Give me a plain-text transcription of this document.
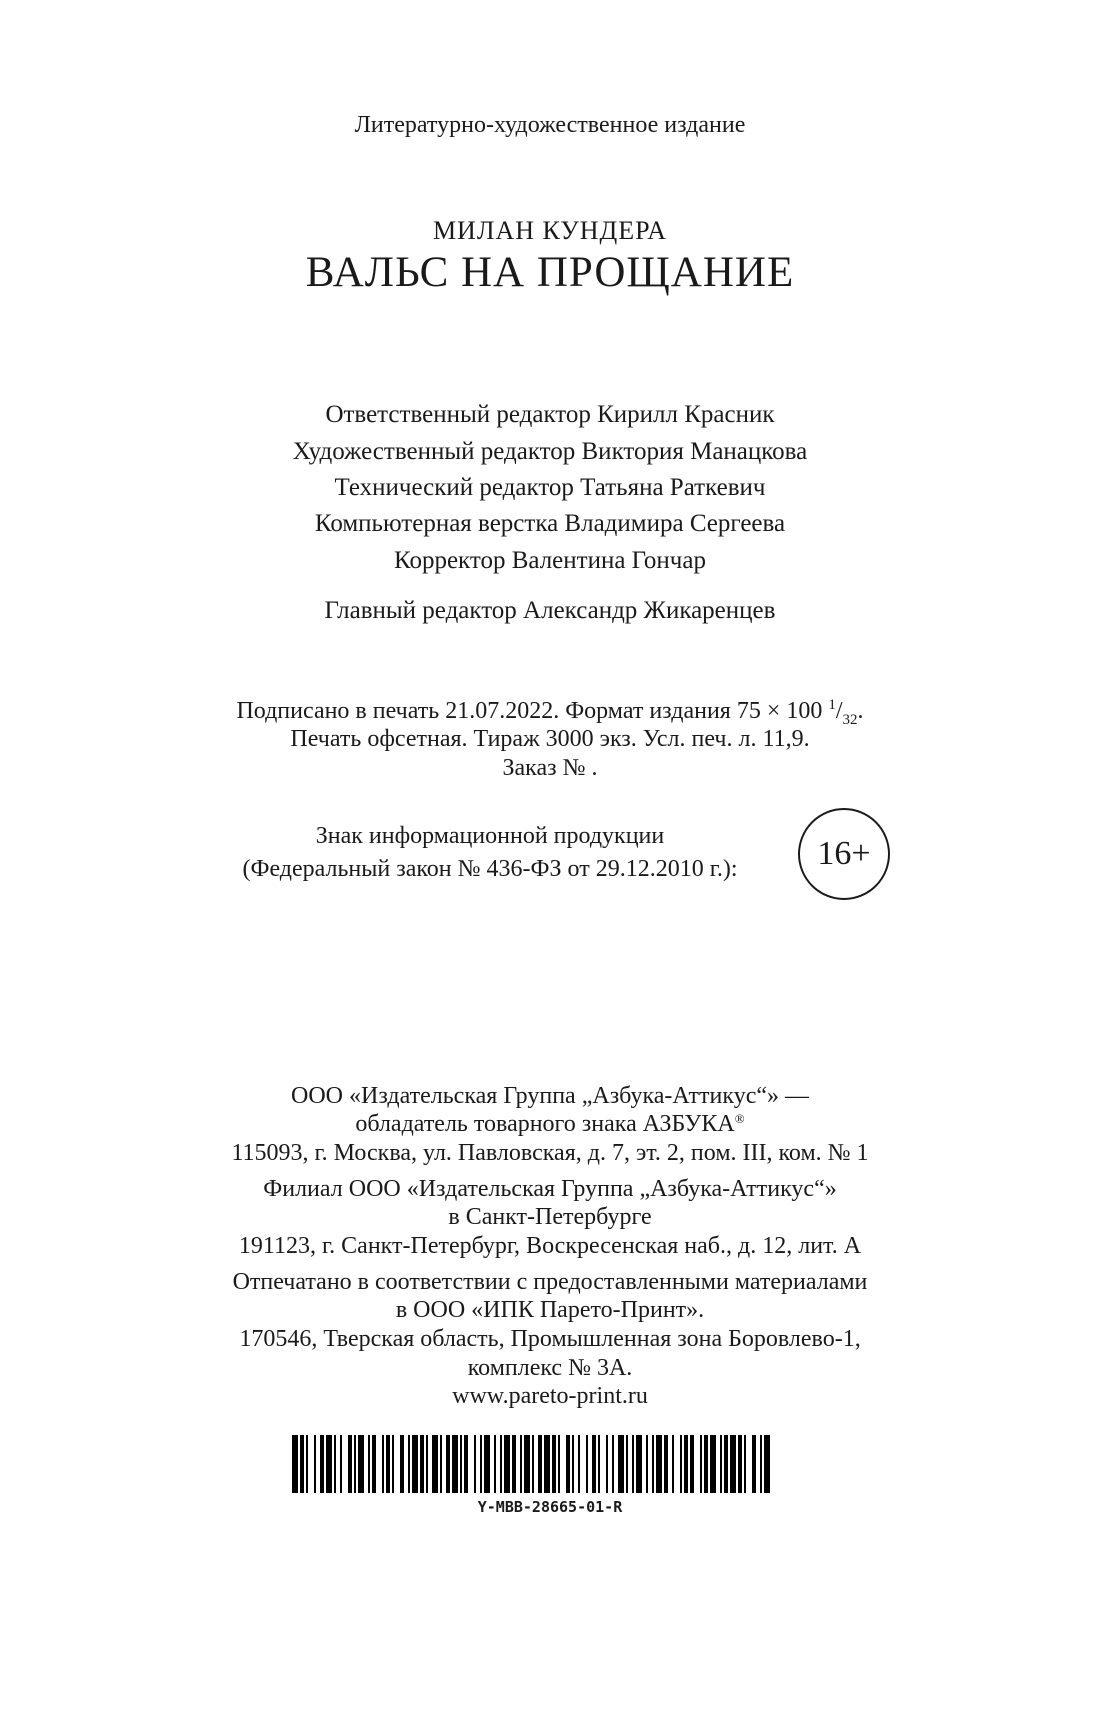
Литературно-художественное издание
МИЛАН КУНДЕРА
ВАЛЬС НА ПРОЩАНИЕ
Ответственный редактор Кирилл Красник
Художественный редактор Виктория Манацкова
Технический редактор Татьяна Раткевич
Компьютерная верстка Владимира Сергеева
Корректор Валентина Гончар
Главный редактор Александр Жикаренцев
Подписано в печать 21.07.2022. Формат издания 75 × 100 $^1/_{32}$.
Печать офсетная. Тираж 3000 экз. Усл. печ. л. 11,9.
Заказ № .
Знак информационной продукции
(Федеральный закон № 436-ФЗ от 29.12.2010 г.):	16+
ООО «Издательская Группа „Азбука-Аттикус“» —
обладатель товарного знака АЗБУКА®
115093, г. Москва, ул. Павловская, д. 7, эт. 2, пом. III, ком. № 1
Филиал ООО «Издательская Группа „Азбука-Аттикус“»
в Санкт-Петербурге
191123, г. Санкт-Петербург, Воскресенская наб., д. 12, лит. А
Отпечатано в соответствии с предоставленными материалами
в ООО «ИПК Парето-Принт».
170546, Тверская область, Промышленная зона Боровлево-1,
комплекс № 3А.
www.pareto-print.ru
Y-MBB-28665-01-R
